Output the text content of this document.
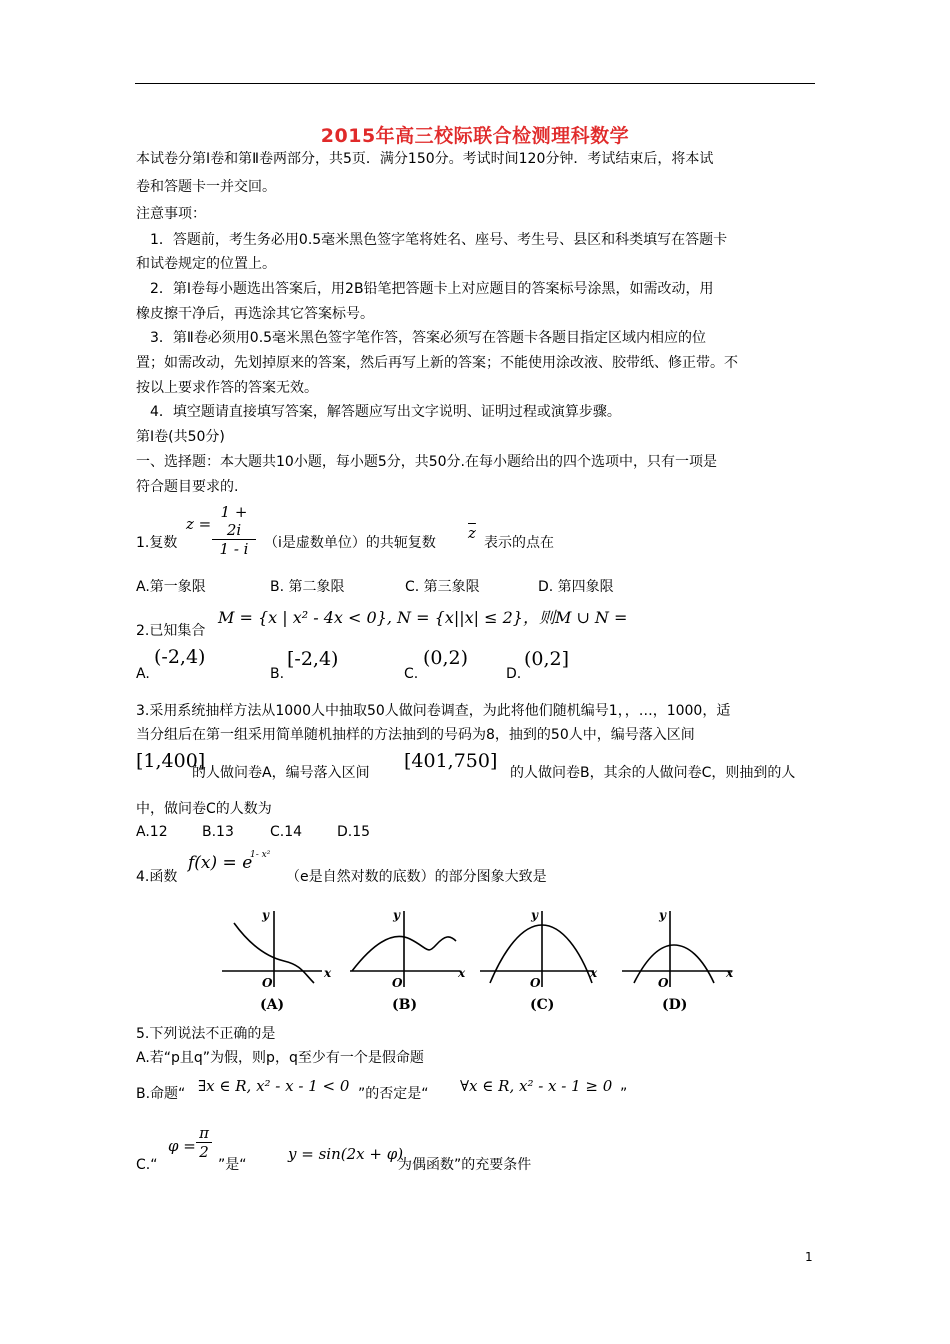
2015年高三校际联合检测理科数学
本试卷分第Ⅰ卷和第Ⅱ卷两部分，共5页．满分150分。考试时间120分钟．考试结束后，将本试
卷和答题卡一并交回。
注意事项：
1．答题前，考生务必用0.5毫米黑色签字笔将姓名、座号、考生号、县区和科类填写在答题卡
和试卷规定的位置上。
2．第Ⅰ卷每小题选出答案后，用2B铅笔把答题卡上对应题目的答案标号涂黑，如需改动，用
橡皮擦干净后，再选涂其它答案标号。
3．第Ⅱ卷必须用0.5毫米黑色签字笔作答，答案必须写在答题卡各题目指定区域内相应的位
置；如需改动，先划掉原来的答案，然后再写上新的答案；不能使用涂改液、胶带纸、修正带。不
按以上要求作答的答案无效。
4．填空题请直接填写答案，解答题应写出文字说明、证明过程或演算步骤。
第Ⅰ卷(共50分)
一、选择题：本大题共10小题，每小题5分，共50分.在每小题给出的四个选项中，只有一项是
符合题目要求的.
1.复数
$z = \frac{1 + 2i}{1 - i} (i$是虚数单位）的共轭复数
$\overline{z}$
表示的点在
A.第一象限	B. 第二象限	C. 第三象限	D. 第四象限
2.已知集合
M = {x | x² - 4x < 0}, N = {x||x| ≤ 2}，则M ∪ N =
A.
(-2,4)
B.
[-2,4)
C.
(0,2)
D.
(0,2]
3.采用系统抽样方法从1000人中抽取50人做问卷调查，为此将他们随机编号1，，…，1000，适
当分组后在第一组采用简单随机抽样的方法抽到的号码为8，抽到的50人中，编号落入区间
[1,400]
的人做问卷A，编号落入区间
[401,750]
的人做问卷B，其余的人做问卷C，则抽到的人
中，做问卷C的人数为
A.12 B.13	C.14 D.15
4.函数
f(x) = e
1- x²
（e是自然对数的底数）的部分图象大致是
y
x
O
y
x
O
y
x
O
y
x
O
(A)	(B)	(C)	(D)
5.下列说法不正确的是
A.若“p且q”为假，则p，q至少有一个是假命题
B.命题“ ∃x ∈ R, x² - x - 1 < 0 ”的否定是“ ∀x ∈ R, x² - x - 1 ≥ 0 ”
C.“
$\varphi = \frac{\pi}{2}$
”是“
y = sin(2x + φ)
为偶函数”的充要条件
1
